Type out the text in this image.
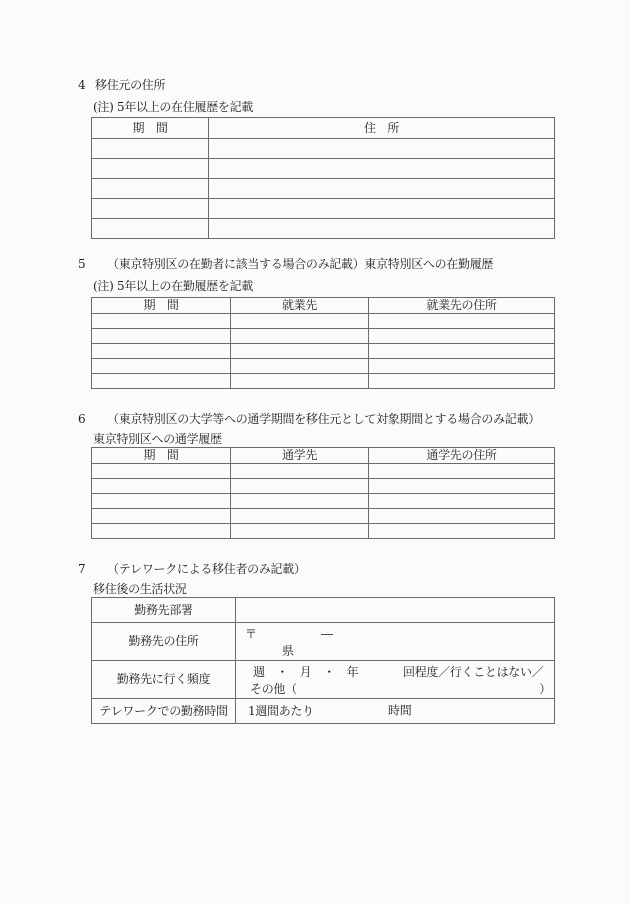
4 移住元の住所
(注) 5年以上の在住履歴を記載
期　間	住　所

5 （東京特別区の在勤者に該当する場合のみ記載）東京特別区への在勤履歴
(注) 5年以上の在勤履歴を記載
期　間	就業先	就業先の住所

6 （東京特別区の大学等への通学期間を移住元として対象期間とする場合のみ記載）
東京特別区への通学履歴
期　間	通学先	通学先の住所

7 （テレワークによる移住者のみ記載）
移住後の生活状況
勤務先部署	
勤務先の住所	〒 ―
県

勤務先に行く頻度	週　・　月　・　年 回程度／行くことはない／
その他（ ）

テレワークでの勤務時間	1週間あたり 時間
